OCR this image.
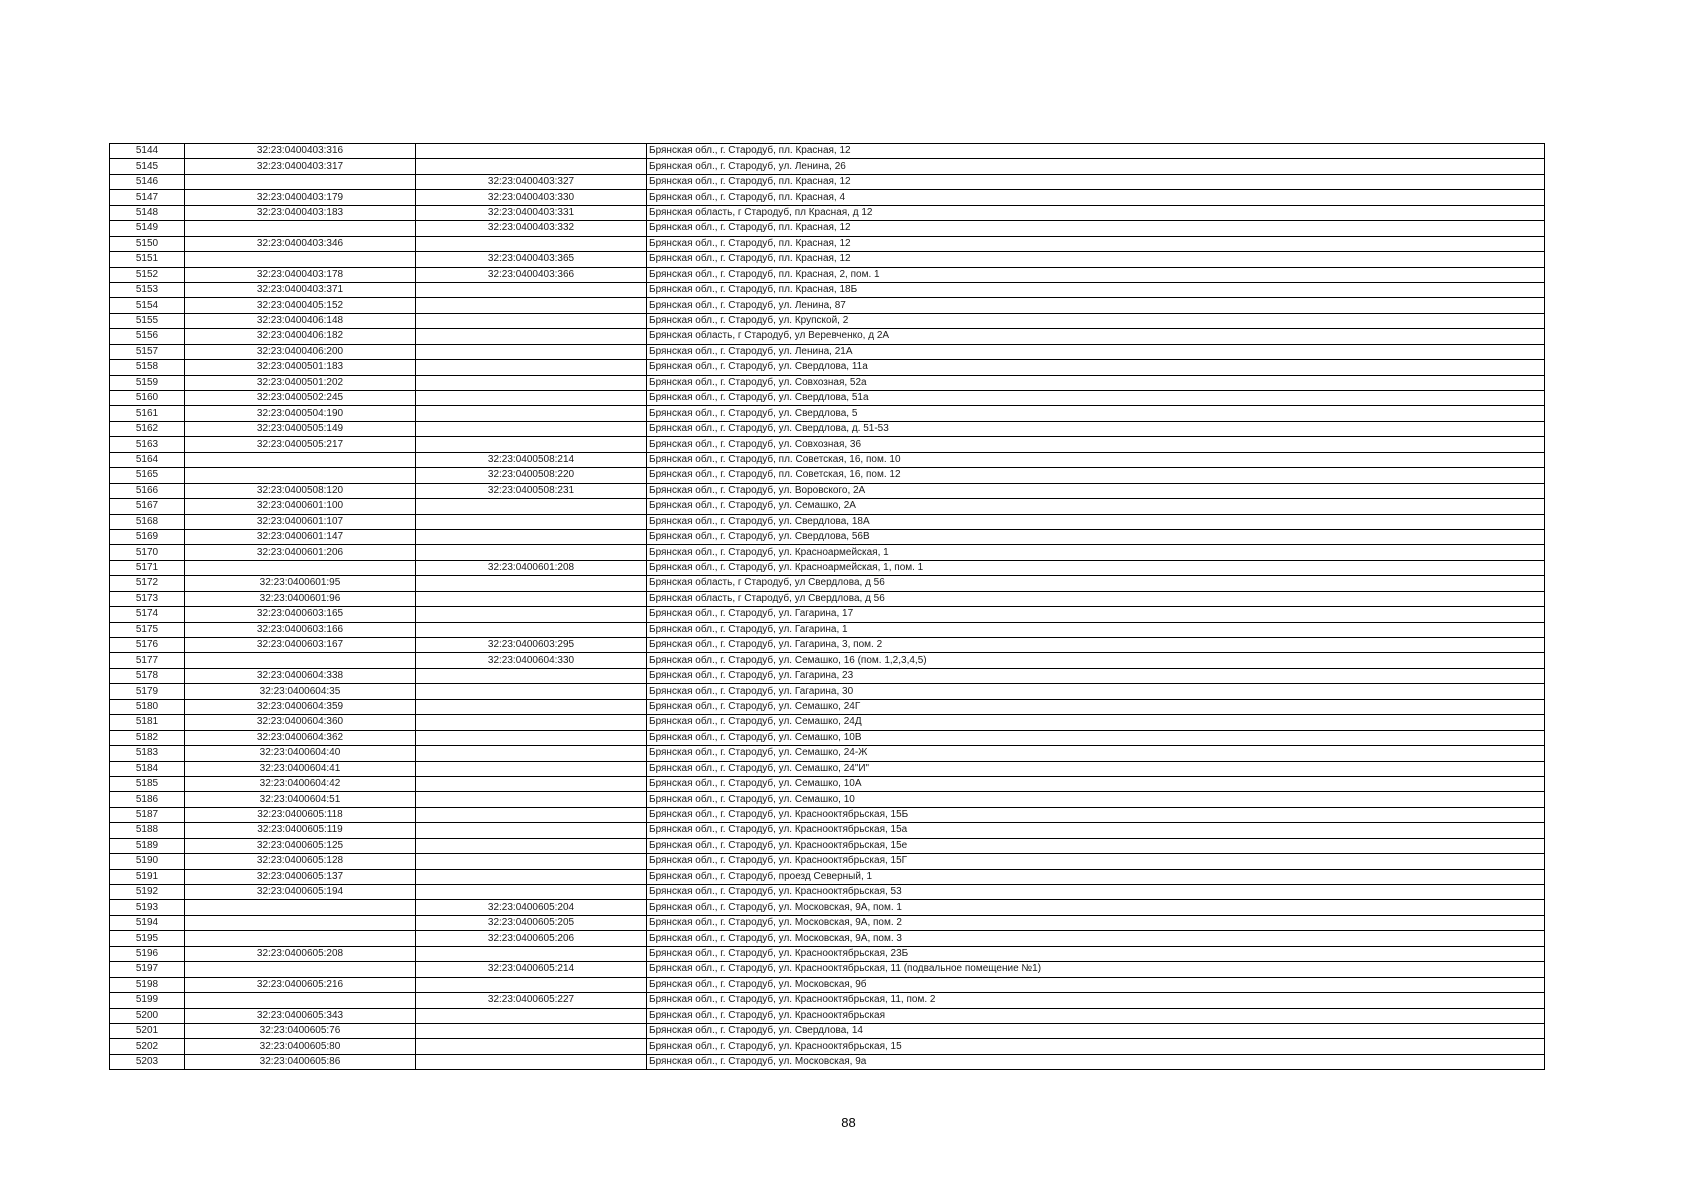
5144	32:23:0400403:316		Брянская обл., г. Стародуб, пл. Красная, 12
5145	32:23:0400403:317		Брянская обл., г. Стародуб, ул. Ленина, 26
5146		32:23:0400403:327	Брянская обл., г. Стародуб, пл. Красная, 12
5147	32:23:0400403:179	32:23:0400403:330	Брянская обл., г. Стародуб, пл. Красная, 4
5148	32:23:0400403:183	32:23:0400403:331	Брянская область, г Стародуб, пл Красная, д 12
5149		32:23:0400403:332	Брянская обл., г. Стародуб, пл. Красная, 12
5150	32:23:0400403:346		Брянская обл., г. Стародуб, пл. Красная, 12
5151		32:23:0400403:365	Брянская обл., г. Стародуб, пл. Красная, 12
5152	32:23:0400403:178	32:23:0400403:366	Брянская обл., г. Стародуб, пл. Красная, 2, пом. 1
5153	32:23:0400403:371		Брянская обл., г. Стародуб, пл. Красная, 18Б
5154	32:23:0400405:152		Брянская обл., г. Стародуб, ул. Ленина, 87
5155	32:23:0400406:148		Брянская обл., г. Стародуб, ул. Крупской, 2
5156	32:23:0400406:182		Брянская область, г Стародуб, ул Веревченко, д 2А
5157	32:23:0400406:200		Брянская обл., г. Стародуб, ул. Ленина, 21А
5158	32:23:0400501:183		Брянская обл., г. Стародуб, ул. Свердлова, 11а
5159	32:23:0400501:202		Брянская обл., г. Стародуб, ул. Совхозная, 52а
5160	32:23:0400502:245		Брянская обл., г. Стародуб, ул. Свердлова, 51а
5161	32:23:0400504:190		Брянская обл., г. Стародуб, ул. Свердлова, 5
5162	32:23:0400505:149		Брянская обл., г. Стародуб, ул. Свердлова, д. 51-53
5163	32:23:0400505:217		Брянская обл., г. Стародуб, ул. Совхозная, 36
5164		32:23:0400508:214	Брянская обл., г. Стародуб, пл. Советская, 16, пом. 10
5165		32:23:0400508:220	Брянская обл., г. Стародуб, пл. Советская, 16, пом. 12
5166	32:23:0400508:120	32:23:0400508:231	Брянская обл., г. Стародуб, ул. Воровского, 2А
5167	32:23:0400601:100		Брянская обл., г. Стародуб, ул. Семашко, 2А
5168	32:23:0400601:107		Брянская обл., г. Стародуб, ул. Свердлова, 18А
5169	32:23:0400601:147		Брянская обл., г. Стародуб, ул. Свердлова, 56В
5170	32:23:0400601:206		Брянская обл., г. Стародуб, ул. Красноармейская, 1
5171		32:23:0400601:208	Брянская обл., г. Стародуб, ул. Красноармейская, 1, пом. 1
5172	32:23:0400601:95		Брянская область, г Стародуб, ул Свердлова, д 56
5173	32:23:0400601:96		Брянская область, г Стародуб, ул Свердлова, д 56
5174	32:23:0400603:165		Брянская обл., г. Стародуб, ул. Гагарина, 17
5175	32:23:0400603:166		Брянская обл., г. Стародуб, ул. Гагарина, 1
5176	32:23:0400603:167	32:23:0400603:295	Брянская обл., г. Стародуб, ул. Гагарина, 3, пом. 2
5177		32:23:0400604:330	Брянская обл., г. Стародуб, ул. Семашко, 16 (пом. 1,2,3,4,5)
5178	32:23:0400604:338		Брянская обл., г. Стародуб, ул. Гагарина, 23
5179	32:23:0400604:35		Брянская обл., г. Стародуб, ул. Гагарина, 30
5180	32:23:0400604:359		Брянская обл., г. Стародуб, ул. Семашко, 24Г
5181	32:23:0400604:360		Брянская обл., г. Стародуб, ул. Семашко, 24Д
5182	32:23:0400604:362		Брянская обл., г. Стародуб, ул. Семашко, 10В
5183	32:23:0400604:40		Брянская обл., г. Стародуб, ул. Семашко, 24-Ж
5184	32:23:0400604:41		Брянская обл., г. Стародуб, ул. Семашко, 24"И"
5185	32:23:0400604:42		Брянская обл., г. Стародуб, ул. Семашко, 10А
5186	32:23:0400604:51		Брянская обл., г. Стародуб, ул. Семашко, 10
5187	32:23:0400605:118		Брянская обл., г. Стародуб, ул. Краснооктябрьская, 15Б
5188	32:23:0400605:119		Брянская обл., г. Стародуб, ул. Краснооктябрьская, 15а
5189	32:23:0400605:125		Брянская обл., г. Стародуб, ул. Краснооктябрьская, 15е
5190	32:23:0400605:128		Брянская обл., г. Стародуб, ул. Краснооктябрьская, 15Г
5191	32:23:0400605:137		Брянская обл., г. Стародуб, проезд Северный, 1
5192	32:23:0400605:194		Брянская обл., г. Стародуб, ул. Краснооктябрьская, 53
5193		32:23:0400605:204	Брянская обл., г. Стародуб, ул. Московская, 9А, пом. 1
5194		32:23:0400605:205	Брянская обл., г. Стародуб, ул. Московская, 9А, пом. 2
5195		32:23:0400605:206	Брянская обл., г. Стародуб, ул. Московская, 9А, пом. 3
5196	32:23:0400605:208		Брянская обл., г. Стародуб, ул. Краснооктябрьская, 23Б
5197		32:23:0400605:214	Брянская обл., г. Стародуб, ул. Краснооктябрьская, 11 (подвальное помещение №1)
5198	32:23:0400605:216		Брянская обл., г. Стародуб, ул. Московская, 9б
5199		32:23:0400605:227	Брянская обл., г. Стародуб, ул. Краснооктябрьская, 11, пом. 2
5200	32:23:0400605:343		Брянская обл., г. Стародуб, ул. Краснооктябрьская
5201	32:23:0400605:76		Брянская обл., г. Стародуб, ул. Свердлова, 14
5202	32:23:0400605:80		Брянская обл., г. Стародуб, ул. Краснооктябрьская, 15
5203	32:23:0400605:86		Брянская обл., г. Стародуб, ул. Московская, 9а
88
